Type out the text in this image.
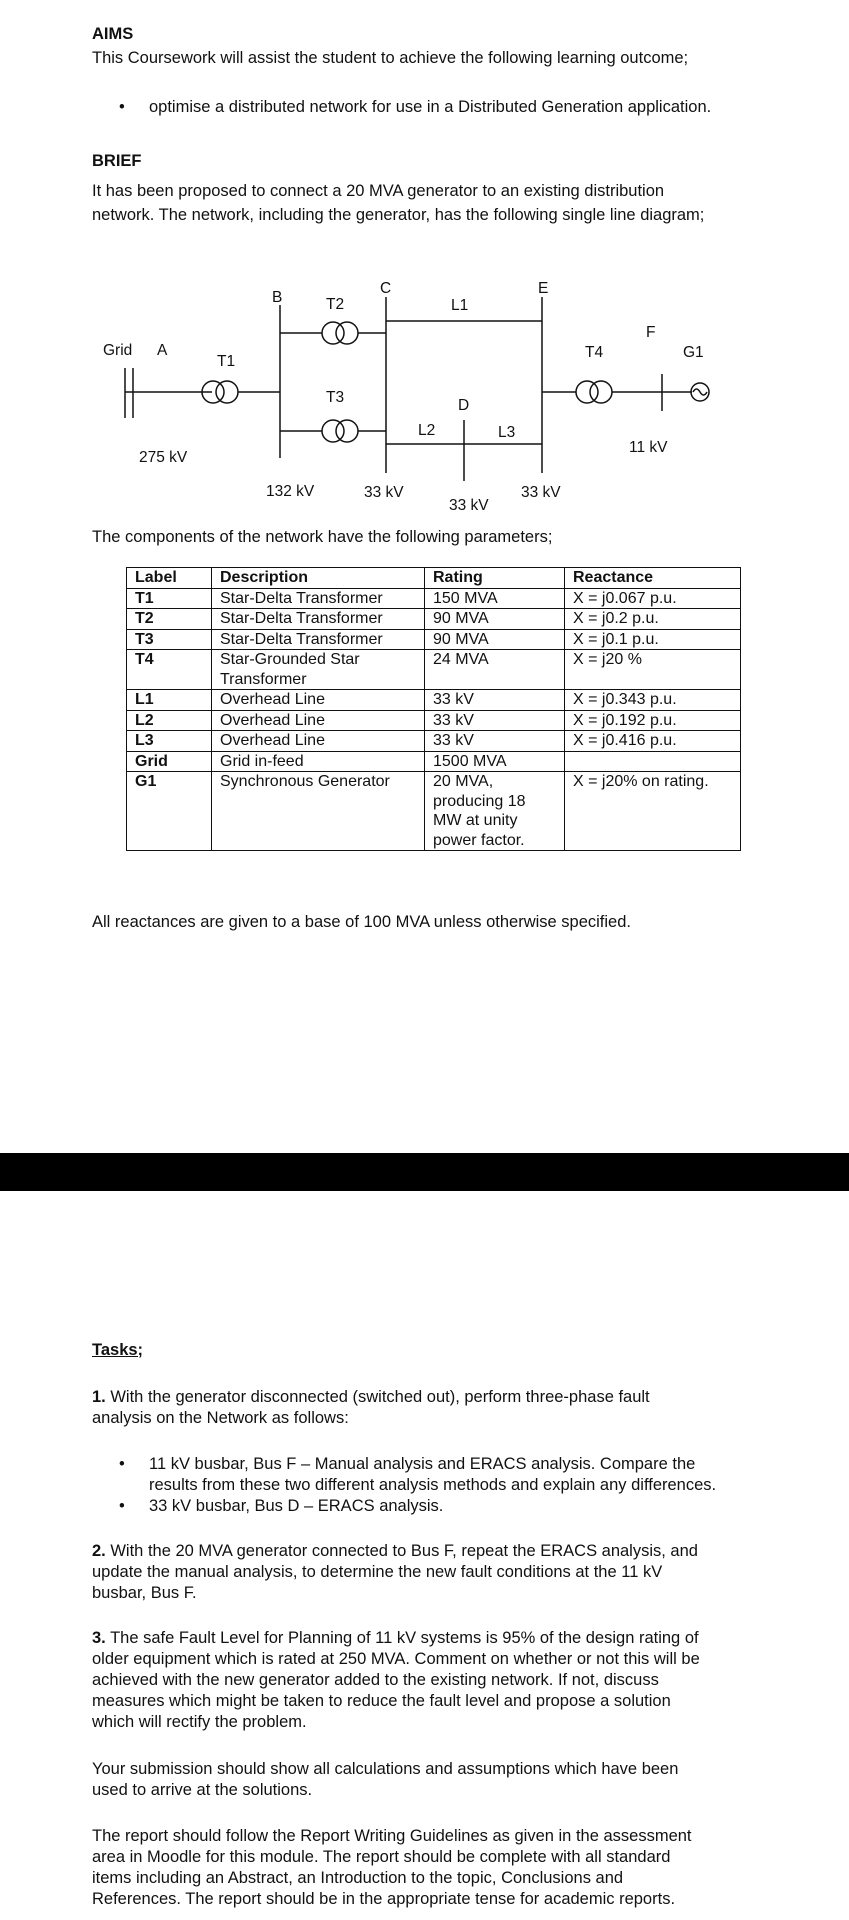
AIMS
This Coursework will assist the student to achieve the following learning outcome;
• optimise a distributed network for use in a Distributed Generation application.
BRIEF
It has been proposed to connect a 20 MVA generator to an existing distribution
network. The network, including the generator, has the following single line diagram;
Grid A
T1
B	T2
C
L1
E
T3	D
L2	L3
T4
F
G1
11 kV
275 kV
132 kV	33 kV
33 kV
33 kV
The components of the network have the following parameters;
Label	Description	Rating	Reactance
T1	Star-Delta Transformer	150 MVA	X = j0.067 p.u.
T2	Star-Delta Transformer	90 MVA	X = j0.2 p.u.
T3	Star-Delta Transformer	90 MVA	X = j0.1 p.u.
T4	Star-Grounded Star Transformer	24 MVA	X = j20 %
L1	Overhead Line	33 kV	X = j0.343 p.u.
L2	Overhead Line	33 kV	X = j0.192 p.u.
L3	Overhead Line	33 kV	X = j0.416 p.u.
Grid	Grid in-feed	1500 MVA	
G1	Synchronous Generator	20 MVA, producing 18 MW at unity power factor.	X = j20% on rating.
All reactances are given to a base of 100 MVA unless otherwise specified.
Tasks;
1. With the generator disconnected (switched out), perform three-phase fault
analysis on the Network as follows:
• 11 kV busbar, Bus F – Manual analysis and ERACS analysis. Compare the
results from these two different analysis methods and explain any differences.
• 33 kV busbar, Bus D – ERACS analysis.
2. With the 20 MVA generator connected to Bus F, repeat the ERACS analysis, and
update the manual analysis, to determine the new fault conditions at the 11 kV
busbar, Bus F.
3. The safe Fault Level for Planning of 11 kV systems is 95% of the design rating of
older equipment which is rated at 250 MVA. Comment on whether or not this will be
achieved with the new generator added to the existing network. If not, discuss
measures which might be taken to reduce the fault level and propose a solution
which will rectify the problem.
Your submission should show all calculations and assumptions which have been
used to arrive at the solutions.
The report should follow the Report Writing Guidelines as given in the assessment
area in Moodle for this module. The report should be complete with all standard
items including an Abstract, an Introduction to the topic, Conclusions and
References. The report should be in the appropriate tense for academic reports.
